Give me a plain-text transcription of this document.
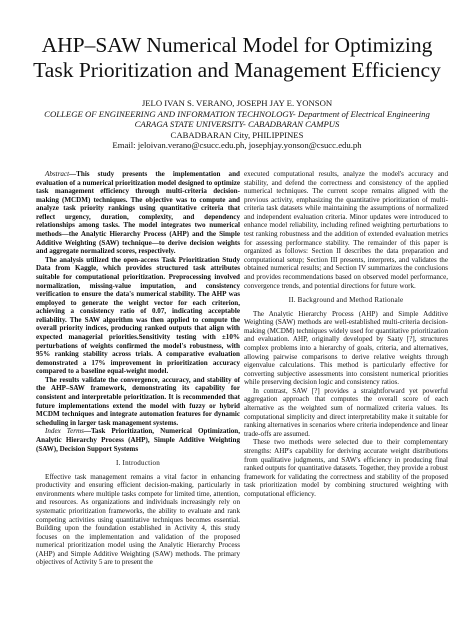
AHP–SAW Numerical Model for Optimizing Task Prioritization and Management Efficiency
JELO IVAN S. VERANO, JOSEPH JAY E. YONSON
COLLEGE OF ENGINEERING AND INFORMATION TECHNOLOGY- Department of Electrical Engineering
CARAGA STATE UNIVERSITY- CABADBARAN CAMPUS
CABADBARAN City, PHILIPPINES
Email: jeloivan.verano@csucc.edu.ph, josephjay.yonson@csucc.edu.ph

Abstract—This study presents the implementation and evaluation of a numerical prioritization model designed to optimize task management efficiency through multi-criteria decision-making (MCDM) techniques. The objective was to compute and analyze task priority rankings using quantitative criteria that reflect urgency, duration, complexity, and dependency relationships among tasks. The model integrates two numerical methods—the Analytic Hierarchy Process (AHP) and the Simple Additive Weighting (SAW) technique—to derive decision weights and aggregate normalized scores, respectively.

The analysis utilized the open-access Task Prioritization Study Data from Kaggle, which provides structured task attributes suitable for computational prioritization. Preprocessing involved normalization, missing-value imputation, and consistency verification to ensure the data's numerical stability. The AHP was employed to generate the weight vector for each criterion, achieving a consistency ratio of 0.07, indicating acceptable reliability. The SAW algorithm was then applied to compute the overall priority indices, producing ranked outputs that align with expected managerial priorities.Sensitivity testing with ±10% perturbations of weights confirmed the model's robustness, with 95% ranking stability across trials. A comparative evaluation demonstrated a 17% improvement in prioritization accuracy compared to a baseline equal-weight model.

The results validate the convergence, accuracy, and stability of the AHP–SAW framework, demonstrating its capability for consistent and interpretable prioritization. It is recommended that future implementations extend the model with fuzzy or hybrid MCDM techniques and integrate automation features for dynamic scheduling in larger task management systems.

Index Terms—Task Prioritization, Numerical Optimization, Analytic Hierarchy Process (AHP), Simple Additive Weighting (SAW), Decision Support Systems

I. Introduction

Effective task management remains a vital factor in enhancing productivity and ensuring efficient decision-making, particularly in environments where multiple tasks compete for limited time, attention, and resources. As organizations and individuals increasingly rely on systematic prioritization frameworks, the ability to evaluate and rank competing activities using quantitative techniques becomes essential. Building upon the foundation established in Activity 4, this study focuses on the implementation and validation of the proposed numerical prioritization model using the Analytic Hierarchy Process (AHP) and Simple Additive Weighting (SAW) methods. The primary objectives of Activity 5 are to present the

executed computational results, analyze the model's accuracy and stability, and defend the correctness and consistency of the applied numerical techniques. The current scope remains aligned with the previous activity, emphasizing the quantitative prioritization of multi-criteria task datasets while maintaining the assumptions of normalized and independent evaluation criteria. Minor updates were introduced to enhance model reliability, including refined weighting perturbations to test ranking robustness and the addition of extended evaluation metrics for assessing performance stability. The remainder of this paper is organized as follows: Section II describes the data preparation and computational setup; Section III presents, interprets, and validates the obtained numerical results; and Section IV summarizes the conclusions and provides recommendations based on observed model performance, convergence trends, and potential directions for future work.

II. Background and Method Rationale

The Analytic Hierarchy Process (AHP) and Simple Additive Weighting (SAW) methods are well-established multi-criteria decision-making (MCDM) techniques widely used for quantitative prioritization and evaluation. AHP, originally developed by Saaty [?], structures complex problems into a hierarchy of goals, criteria, and alternatives, allowing pairwise comparisons to derive relative weights through eigenvalue calculations. This method is particularly effective for converting subjective assessments into consistent numerical priorities while preserving decision logic and consistency ratios.

In contrast, SAW [?] provides a straightforward yet powerful aggregation approach that computes the overall score of each alternative as the weighted sum of normalized criteria values. Its computational simplicity and direct interpretability make it suitable for ranking alternatives in scenarios where criteria independence and linear trade-offs are assumed.

These two methods were selected due to their complementary strengths: AHP's capability for deriving accurate weight distributions from qualitative judgments, and SAW's efficiency in producing final ranked outputs for quantitative datasets. Together, they provide a robust framework for validating the correctness and stability of the proposed task prioritization model by combining structured weighting with computational efficiency.
